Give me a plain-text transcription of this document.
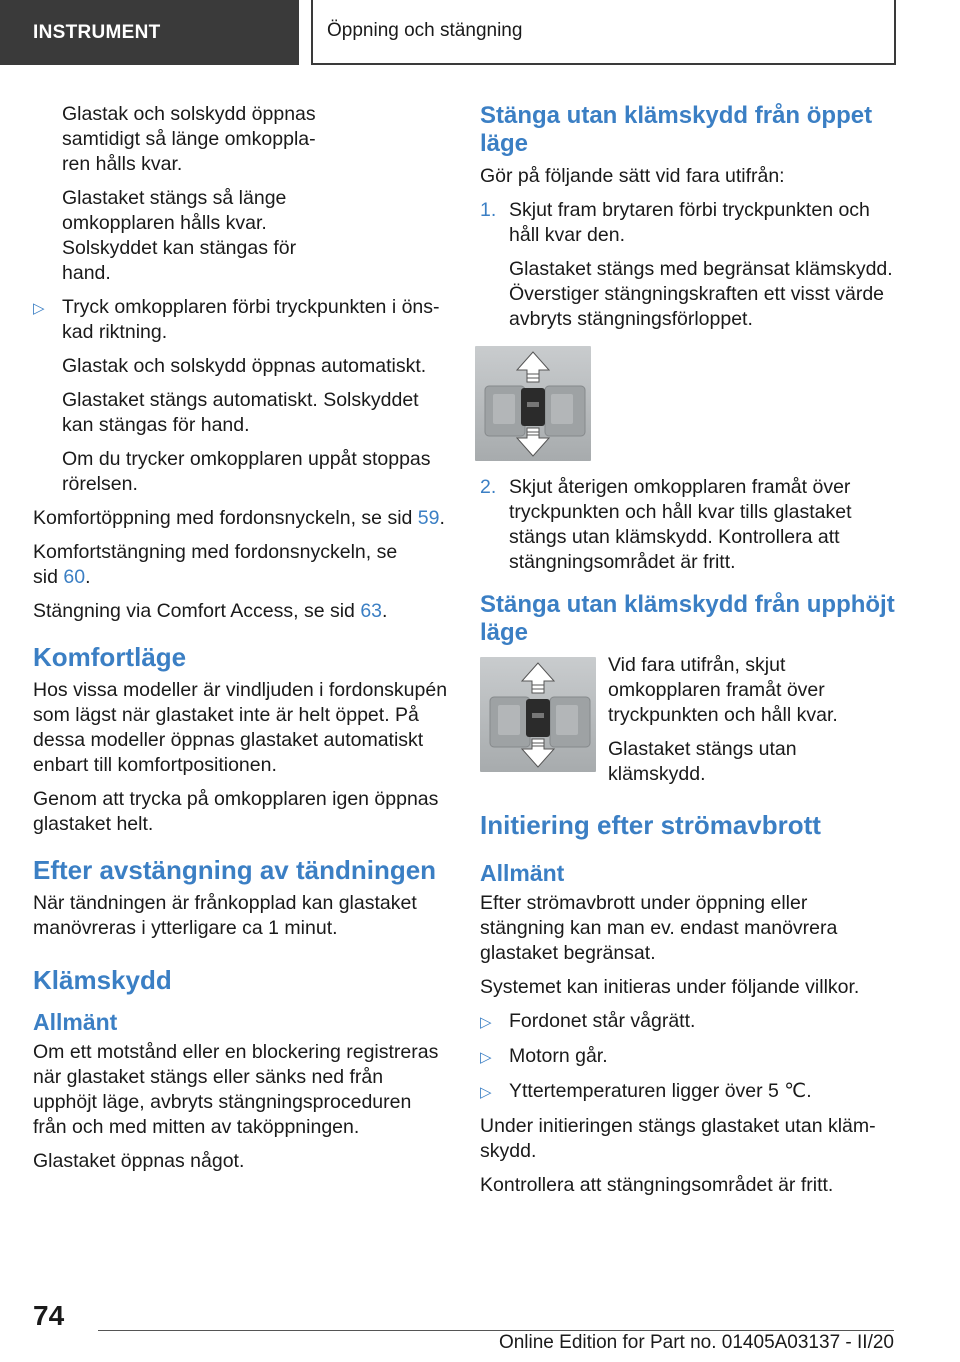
INSTRUMENT	Öppning och stängning

Glastak och solskydd öppnas samtidigt så länge omkopplaren hålls kvar.

Glastaket stängs så länge omkopplaren hålls kvar. Solskyddet kan stängas för hand.

▷ Tryck omkopplaren förbi tryckpunkten i önskad riktning.

Glastak och solskydd öppnas automatiskt.

Glastaket stängs automatiskt. Solskyddet kan stängas för hand.

Om du trycker omkopplaren uppåt stoppas rörelsen.

Komfortöppning med fordonsnyckeln, se sid 59.

Komfortstängning med fordonsnyckeln, se sid 60.

Stängning via Comfort Access, se sid 63.

Komfortläge

Hos vissa modeller är vindljuden i fordonskupén som lägst när glastaket inte är helt öppet. På dessa modeller öppnas glastaket automatiskt enbart till komfortpositionen.

Genom att trycka på omkopplaren igen öppnas glastaket helt.

Efter avstängning av tändningen

När tändningen är frånkopplad kan glastaket manövreras i ytterligare ca 1 minut.

Klämskydd
Allmänt

Om ett motstånd eller en blockering registreras när glastaket stängs eller sänks ned från upphöjt läge, avbryts stängningsproceduren från och med mitten av taköppningen.

Glastaket öppnas något.

Stänga utan klämskydd från öppet läge

Gör på följande sätt vid fara utifrån:

1. Skjut fram brytaren förbi tryckpunkten och håll kvar den.

Glastaket stängs med begränsat klämskydd. Överstiger stängningskraften ett visst värde avbryts stängningsförloppet.

2. Skjut återigen omkopplaren framåt över tryckpunkten och håll kvar tills glastaket stängs utan klämskydd. Kontrollera att stängningsområdet är fritt.
Stänga utan klämskydd från upphöjt läge

Vid fara utifrån, skjut omkopplaren framåt över tryckpunkten och håll kvar.

Glastaket stängs utan klämskydd.

Initiering efter strömavbrott
Allmänt

Efter strömavbrott under öppning eller stängning kan man ev. endast manövrera glastaket begränsat.

Systemet kan initieras under följande villkor.

▷ Fordonet står vågrätt.
▷ Motorn går.
▷ Yttertemperaturen ligger över 5 ℃.

Under initieringen stängs glastaket utan klämskydd.

Kontrollera att stängningsområdet är fritt.

74
Online Edition for Part no. 01405A03137 - II/20
